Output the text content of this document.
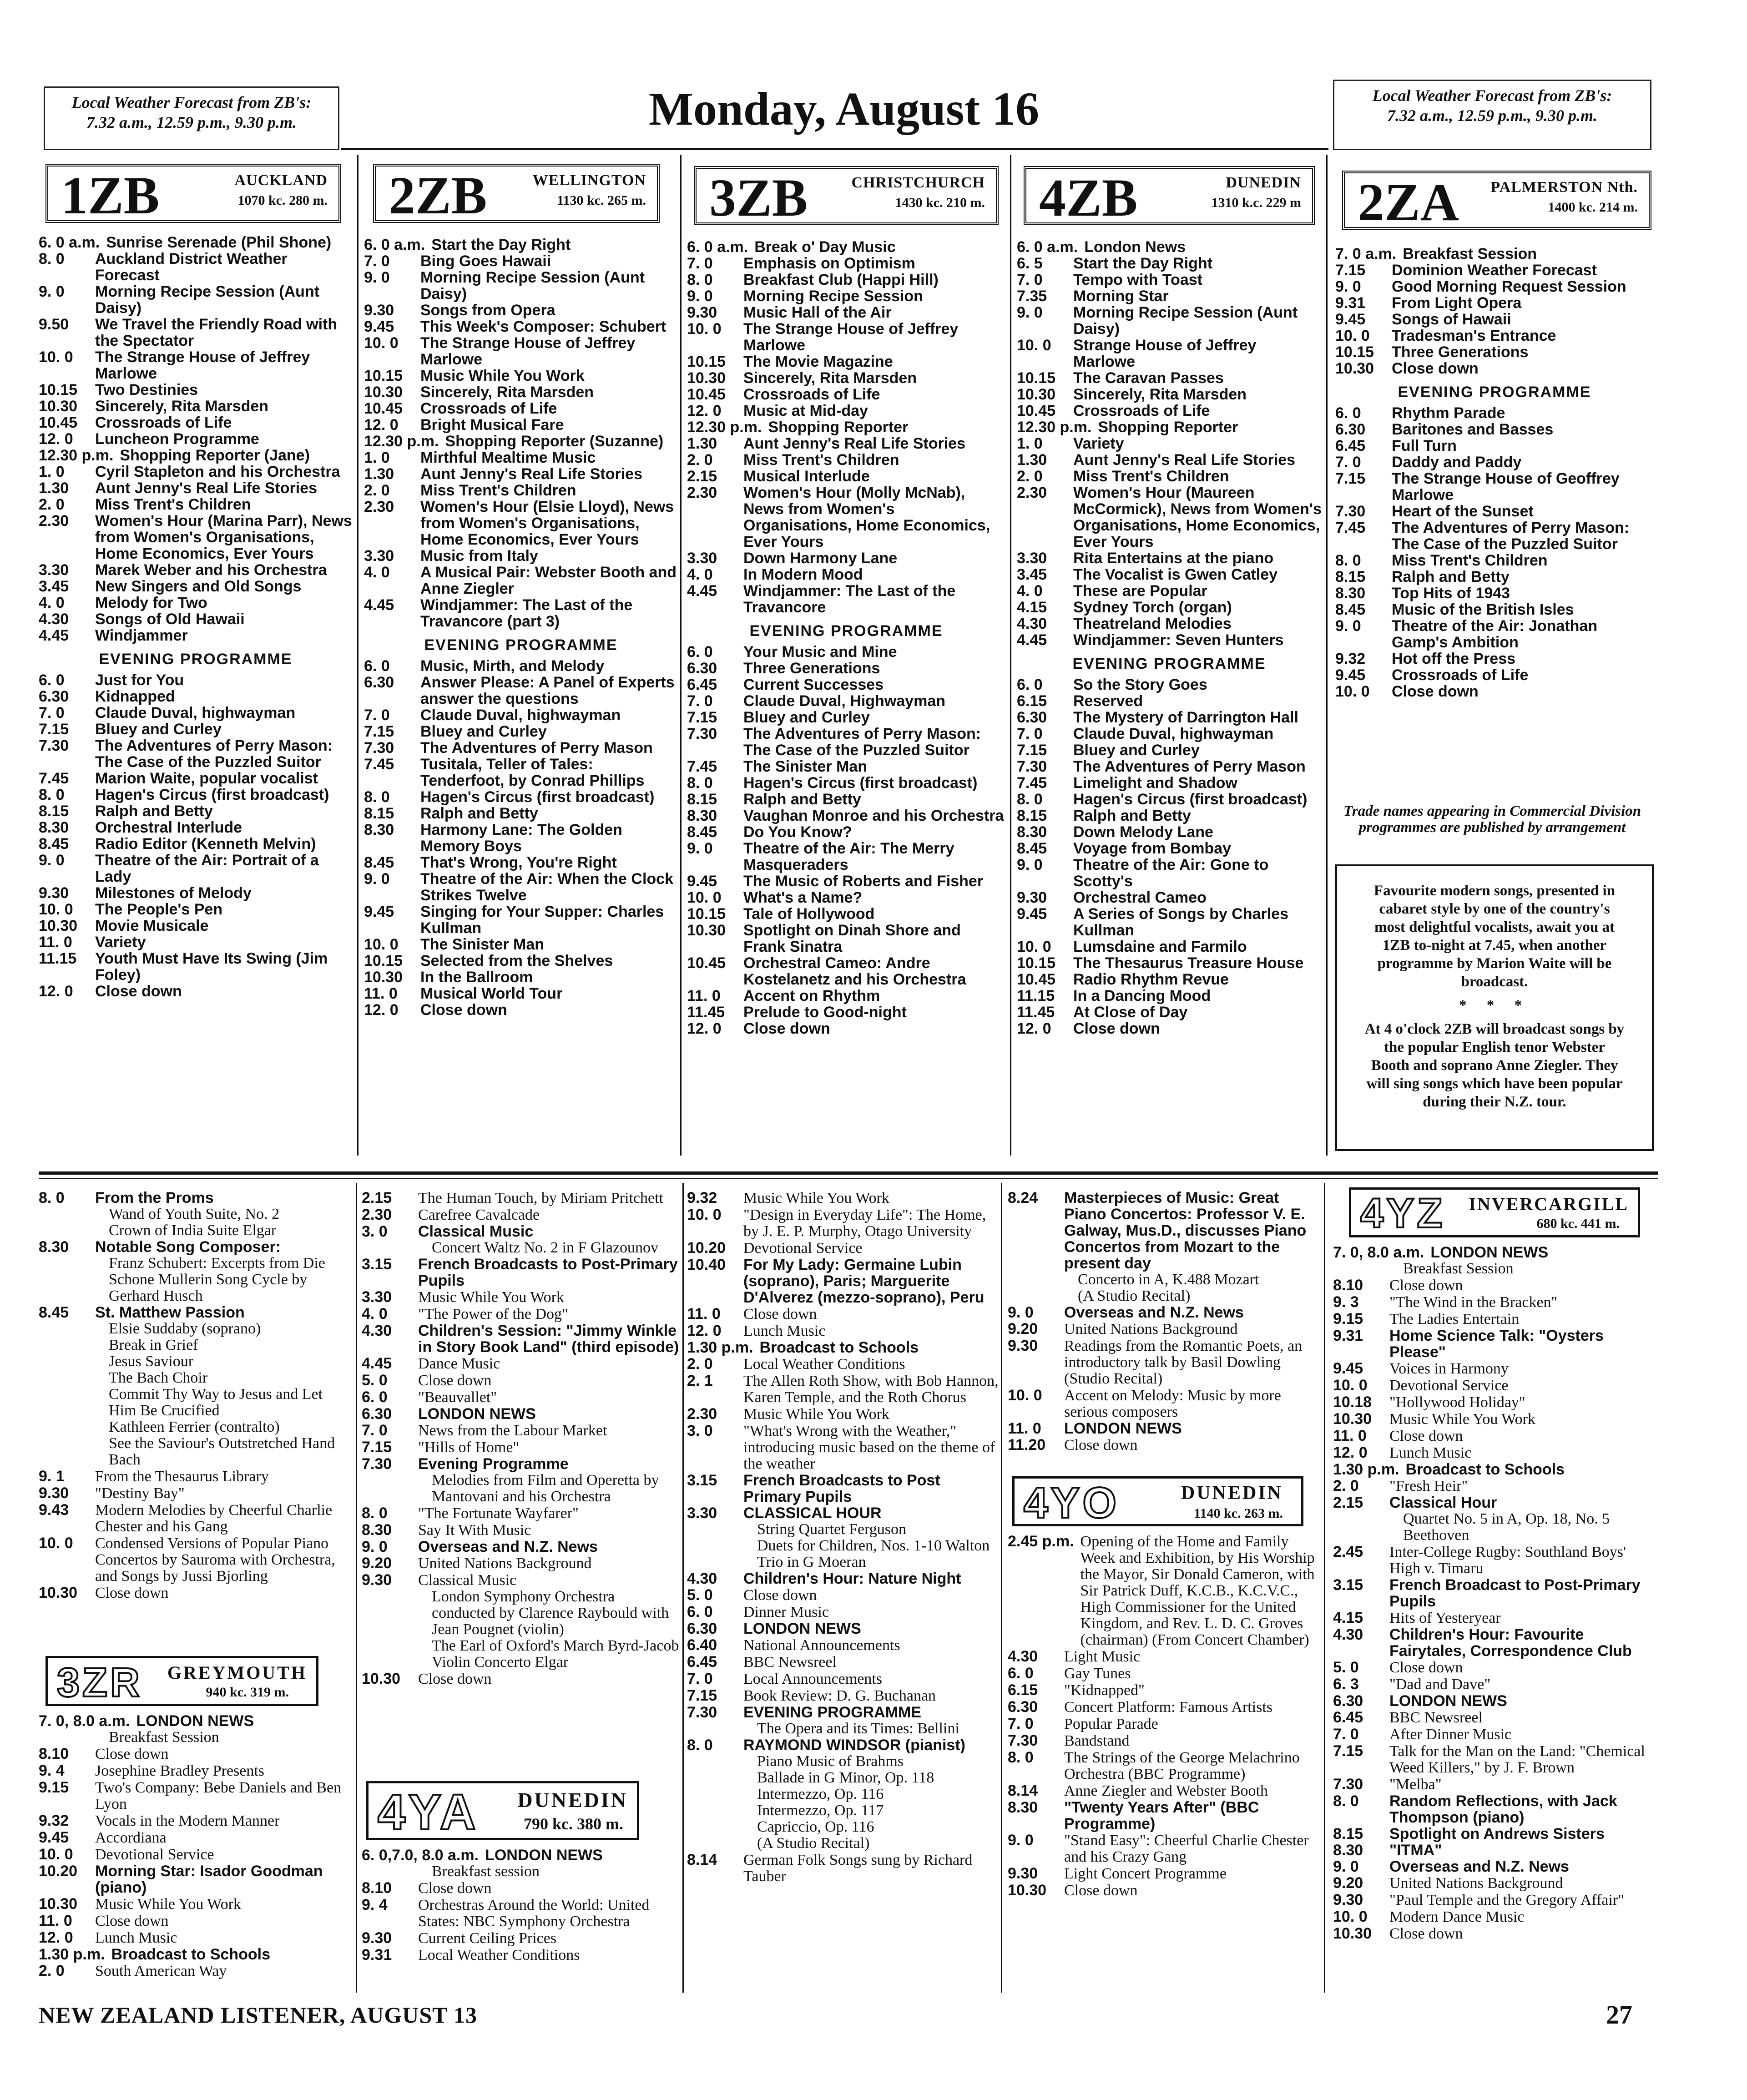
Local Weather Forecast from ZB's:
7.32 a.m., 12.59 p.m., 9.30 p.m.	Monday, August 16	Local Weather Forecast from ZB's:
7.32 a.m., 12.59 p.m., 9.30 p.m.
1ZB	AUCKLAND
1070 kc. 280 m. 2ZB	WELLINGTON
1130 kc. 265 m. 3ZB	CHRISTCHURCH
1430 kc. 210 m. 4ZB	DUNEDIN
1310 k.c. 229 m 2ZA PALMERSTON Nth.
1400 kc. 214 m.
6. 0 a.m. Sunrise Serenade (Phil Shone)
8. 0	Auckland District Weather Forecast
9. 0	Morning Recipe Session (Aunt Daisy)
9.50	We Travel the Friendly Road with the Spectator
10. 0	The Strange House of Jeffrey Marlowe
10.15	Two Destinies
10.30	Sincerely, Rita Marsden
10.45	Crossroads of Life
12. 0	Luncheon Programme
12.30 p.m. Shopping Reporter (Jane)
1. 0	Cyril Stapleton and his Orchestra
1.30	Aunt Jenny's Real Life Stories
2. 0	Miss Trent's Children
2.30	Women's Hour (Marina Parr), News from Women's Organisations, Home Economics, Ever Yours
3.30	Marek Weber and his Orchestra
3.45	New Singers and Old Songs
4. 0	Melody for Two
4.30	Songs of Old Hawaii
4.45	Windjammer
EVENING PROGRAMME
6. 0	Just for You
6.30	Kidnapped
7. 0	Claude Duval, highwayman
7.15	Bluey and Curley
7.30	The Adventures of Perry Mason: The Case of the Puzzled Suitor
7.45	Marion Waite, popular vocalist
8. 0	Hagen's Circus (first broadcast)
8.15	Ralph and Betty
8.30	Orchestral Interlude
8.45	Radio Editor (Kenneth Melvin)
9. 0	Theatre of the Air: Portrait of a Lady
9.30	Milestones of Melody
10. 0	The People's Pen
10.30	Movie Musicale
11. 0	Variety
11.15	Youth Must Have Its Swing (Jim Foley)
12. 0	Close down
6. 0 a.m. Start the Day Right
7. 0	Bing Goes Hawaii
9. 0	Morning Recipe Session (Aunt Daisy)
9.30	Songs from Opera
9.45	This Week's Composer: Schubert
10. 0	The Strange House of Jeffrey Marlowe
10.15	Music While You Work
10.30	Sincerely, Rita Marsden
10.45	Crossroads of Life
12. 0	Bright Musical Fare
12.30 p.m. Shopping Reporter (Suzanne)
1. 0	Mirthful Mealtime Music
1.30	Aunt Jenny's Real Life Stories
2. 0	Miss Trent's Children
2.30	Women's Hour (Elsie Lloyd), News from Women's Organisations, Home Economics, Ever Yours
3.30	Music from Italy
4. 0	A Musical Pair: Webster Booth and Anne Ziegler
4.45	Windjammer: The Last of the Travancore (part 3)
EVENING PROGRAMME
6. 0	Music, Mirth, and Melody
6.30	Answer Please: A Panel of Experts answer the questions
7. 0	Claude Duval, highwayman
7.15	Bluey and Curley
7.30	The Adventures of Perry Mason
7.45	Tusitala, Teller of Tales: Tenderfoot, by Conrad Phillips
8. 0	Hagen's Circus (first broadcast)
8.15	Ralph and Betty
8.30	Harmony Lane: The Golden Memory Boys
8.45	That's Wrong, You're Right
9. 0	Theatre of the Air: When the Clock Strikes Twelve
9.45	Singing for Your Supper: Charles Kullman
10. 0	The Sinister Man
10.15	Selected from the Shelves
10.30	In the Ballroom
11. 0	Musical World Tour
12. 0	Close down
6. 0 a.m. Break o' Day Music
7. 0	Emphasis on Optimism
8. 0	Breakfast Club (Happi Hill)
9. 0	Morning Recipe Session
9.30	Music Hall of the Air
10. 0	The Strange House of Jeffrey Marlowe
10.15	The Movie Magazine
10.30	Sincerely, Rita Marsden
10.45	Crossroads of Life
12. 0	Music at Mid-day
12.30 p.m. Shopping Reporter
1.30	Aunt Jenny's Real Life Stories
2. 0	Miss Trent's Children
2.15	Musical Interlude
2.30	Women's Hour (Molly McNab), News from Women's Organisations, Home Economics, Ever Yours
3.30	Down Harmony Lane
4. 0	In Modern Mood
4.45	Windjammer: The Last of the Travancore
EVENING PROGRAMME
6. 0	Your Music and Mine
6.30	Three Generations
6.45	Current Successes
7. 0	Claude Duval, Highwayman
7.15	Bluey and Curley
7.30	The Adventures of Perry Mason: The Case of the Puzzled Suitor
7.45	The Sinister Man
8. 0	Hagen's Circus (first broadcast)
8.15	Ralph and Betty
8.30	Vaughan Monroe and his Orchestra
8.45	Do You Know?
9. 0	Theatre of the Air: The Merry Masqueraders
9.45	The Music of Roberts and Fisher
10. 0	What's a Name?
10.15	Tale of Hollywood
10.30	Spotlight on Dinah Shore and Frank Sinatra
10.45	Orchestral Cameo: Andre Kostelanetz and his Orchestra
11. 0	Accent on Rhythm
11.45	Prelude to Good-night
12. 0	Close down
6. 0 a.m. London News
6. 5	Start the Day Right
7. 0	Tempo with Toast
7.35	Morning Star
9. 0	Morning Recipe Session (Aunt Daisy)
10. 0	Strange House of Jeffrey Marlowe
10.15	The Caravan Passes
10.30	Sincerely, Rita Marsden
10.45	Crossroads of Life
12.30 p.m. Shopping Reporter
1. 0	Variety
1.30	Aunt Jenny's Real Life Stories
2. 0	Miss Trent's Children
2.30	Women's Hour (Maureen McCormick), News from Women's Organisations, Home Economics, Ever Yours
3.30	Rita Entertains at the piano
3.45	The Vocalist is Gwen Catley
4. 0	These are Popular
4.15	Sydney Torch (organ)
4.30	Theatreland Melodies
4.45	Windjammer: Seven Hunters
EVENING PROGRAMME
6. 0	So the Story Goes
6.15	Reserved
6.30	The Mystery of Darrington Hall
7. 0	Claude Duval, highwayman
7.15	Bluey and Curley
7.30	The Adventures of Perry Mason
7.45	Limelight and Shadow
8. 0	Hagen's Circus (first broadcast)
8.15	Ralph and Betty
8.30	Down Melody Lane
8.45	Voyage from Bombay
9. 0	Theatre of the Air: Gone to Scotty's
9.30	Orchestral Cameo
9.45	A Series of Songs by Charles Kullman
10. 0	Lumsdaine and Farmilo
10.15	The Thesaurus Treasure House
10.45	Radio Rhythm Revue
11.15	In a Dancing Mood
11.45	At Close of Day
12. 0	Close down
7. 0 a.m. Breakfast Session
7.15	Dominion Weather Forecast
9. 0	Good Morning Request Session
9.31	From Light Opera
9.45	Songs of Hawaii
10. 0	Tradesman's Entrance
10.15	Three Generations
10.30	Close down
EVENING PROGRAMME
6. 0	Rhythm Parade
6.30	Baritones and Basses
6.45	Full Turn
7. 0	Daddy and Paddy
7.15	The Strange House of Geoffrey Marlowe
7.30	Heart of the Sunset
7.45	The Adventures of Perry Mason: The Case of the Puzzled Suitor
8. 0	Miss Trent's Children
8.15	Ralph and Betty
8.30	Top Hits of 1943
8.45	Music of the British Isles
9. 0	Theatre of the Air: Jonathan Gamp's Ambition
9.32	Hot off the Press
9.45	Crossroads of Life
10. 0	Close down
Trade names appearing in Commercial Division programmes are published by arrangement
Favourite modern songs, presented in cabaret style by one of the country's most delightful vocalists, await you at 1ZB to-night at 7.45, when another programme by Marion Waite will be broadcast.
* * *
At 4 o'clock 2ZB will broadcast songs by the popular English tenor Webster Booth and soprano Anne Ziegler. They will sing songs which have been popular during their N.Z. tour.
8. 0	From the Proms
Wand of Youth Suite, No. 2
Crown of India Suite Elgar
8.30	Notable Song Composer:
Franz Schubert: Excerpts from Die Schone Mullerin Song Cycle by Gerhard Husch
8.45	St. Matthew Passion
Elsie Suddaby (soprano)
Break in Grief
Jesus Saviour
The Bach Choir
Commit Thy Way to Jesus and Let Him Be Crucified
Kathleen Ferrier (contralto)
See the Saviour's Outstretched Hand Bach
9. 1	From the Thesaurus Library
9.30	"Destiny Bay"
9.43	Modern Melodies by Cheerful Charlie Chester and his Gang
10. 0	Condensed Versions of Popular Piano Concertos by Sauroma with Orchestra, and Songs by Jussi Bjorling
10.30	Close down
3ZR GREYMOUTH
940 kc. 319 m.
7. 0, 8.0 a.m. LONDON NEWS
Breakfast Session
8.10	Close down
9. 4	Josephine Bradley Presents
9.15	Two's Company: Bebe Daniels and Ben Lyon
9.32	Vocals in the Modern Manner
9.45	Accordiana
10. 0	Devotional Service
10.20	Morning Star: Isador Goodman (piano)
10.30	Music While You Work
11. 0	Close down
12. 0	Lunch Music
1.30 p.m. Broadcast to Schools
2. 0	South American Way
2.15	The Human Touch, by Miriam Pritchett
2.30	Carefree Cavalcade
3. 0	Classical Music
Concert Waltz No. 2 in F Glazounov
3.15	French Broadcasts to Post-Primary Pupils
3.30	Music While You Work
4. 0	"The Power of the Dog"
4.30	Children's Session: "Jimmy Winkle in Story Book Land" (third episode)
4.45	Dance Music
5. 0	Close down
6. 0	"Beauvallet"
6.30	LONDON NEWS
7. 0	News from the Labour Market
7.15	"Hills of Home"
7.30	Evening Programme
Melodies from Film and Operetta by Mantovani and his Orchestra
8. 0	"The Fortunate Wayfarer"
8.30	Say It With Music
9. 0	Overseas and N.Z. News
9.20	United Nations Background
9.30	Classical Music
London Symphony Orchestra conducted by Clarence Raybould with Jean Pougnet (violin)
The Earl of Oxford's March Byrd-Jacob
Violin Concerto Elgar
10.30	Close down
4YA DUNEDIN
790 kc. 380 m.
6. 0,7.0, 8.0 a.m. LONDON NEWS
Breakfast session
8.10	Close down
9. 4	Orchestras Around the World: United States: NBC Symphony Orchestra
9.30	Current Ceiling Prices
9.31	Local Weather Conditions
9.32	Music While You Work
10. 0	"Design in Everyday Life": The Home, by J. E. P. Murphy, Otago University
10.20	Devotional Service
10.40	For My Lady: Germaine Lubin (soprano), Paris; Marguerite D'Alverez (mezzo-soprano), Peru
11. 0	Close down
12. 0	Lunch Music
1.30 p.m. Broadcast to Schools
2. 0	Local Weather Conditions
2. 1	The Allen Roth Show, with Bob Hannon, Karen Temple, and the Roth Chorus
2.30	Music While You Work
3. 0	"What's Wrong with the Weather," introducing music based on the theme of the weather
3.15	French Broadcasts to Post Primary Pupils
3.30	CLASSICAL HOUR
String Quartet Ferguson
Duets for Children, Nos. 1-10 Walton
Trio in G Moeran
4.30	Children's Hour: Nature Night
5. 0	Close down
6. 0	Dinner Music
6.30	LONDON NEWS
6.40	National Announcements
6.45	BBC Newsreel
7. 0	Local Announcements
7.15	Book Review: D. G. Buchanan
7.30	EVENING PROGRAMME
The Opera and its Times: Bellini
8. 0	RAYMOND WINDSOR (pianist)
Piano Music of Brahms
Ballade in G Minor, Op. 118
Intermezzo, Op. 116
Intermezzo, Op. 117
Capriccio, Op. 116
(A Studio Recital)
8.14	German Folk Songs sung by Richard Tauber
8.24	Masterpieces of Music: Great Piano Concertos: Professor V. E. Galway, Mus.D., discusses Piano Concertos from Mozart to the present day
Concerto in A, K.488 Mozart
(A Studio Recital)
9. 0	Overseas and N.Z. News
9.20	United Nations Background
9.30	Readings from the Romantic Poets, an introductory talk by Basil Dowling (Studio Recital)
10. 0	Accent on Melody: Music by more serious composers
11. 0	LONDON NEWS
11.20	Close down
4YO	DUNEDIN
1140 kc. 263 m.
2.45 p.m. Opening of the Home and Family Week and Exhibition, by His Worship the Mayor, Sir Donald Cameron, with Sir Patrick Duff, K.C.B., K.C.V.C., High Commissioner for the United Kingdom, and Rev. L. D. C. Groves (chairman) (From Concert Chamber)
4.30	Light Music
6. 0	Gay Tunes
6.15	"Kidnapped"
6.30	Concert Platform: Famous Artists
7. 0	Popular Parade
7.30	Bandstand
8. 0	The Strings of the George Melachrino Orchestra (BBC Programme)
8.14	Anne Ziegler and Webster Booth
8.30	"Twenty Years After" (BBC Programme)
9. 0	"Stand Easy": Cheerful Charlie Chester and his Crazy Gang
9.30	Light Concert Programme
10.30	Close down
4YZ INVERCARGILL
680 kc. 441 m.
7. 0, 8.0 a.m. LONDON NEWS
Breakfast Session
8.10	Close down
9. 3	"The Wind in the Bracken"
9.15	The Ladies Entertain
9.31	Home Science Talk: "Oysters Please"
9.45	Voices in Harmony
10. 0	Devotional Service
10.18	"Hollywood Holiday"
10.30	Music While You Work
11. 0	Close down
12. 0	Lunch Music
1.30 p.m. Broadcast to Schools
2. 0	"Fresh Heir"
2.15	Classical Hour
Quartet No. 5 in A, Op. 18, No. 5 Beethoven
2.45	Inter-College Rugby: Southland Boys' High v. Timaru
3.15	French Broadcast to Post-Primary Pupils
4.15	Hits of Yesteryear
4.30	Children's Hour: Favourite Fairytales, Correspondence Club
5. 0	Close down
6. 3	"Dad and Dave"
6.30	LONDON NEWS
6.45	BBC Newsreel
7. 0	After Dinner Music
7.15	Talk for the Man on the Land: "Chemical Weed Killers," by J. F. Brown
7.30	"Melba"
8. 0	Random Reflections, with Jack Thompson (piano)
8.15	Spotlight on Andrews Sisters
8.30	"ITMA"
9. 0	Overseas and N.Z. News
9.20	United Nations Background
9.30	"Paul Temple and the Gregory Affair"
10. 0	Modern Dance Music
10.30	Close down
NEW ZEALAND LISTENER, AUGUST 13	27
